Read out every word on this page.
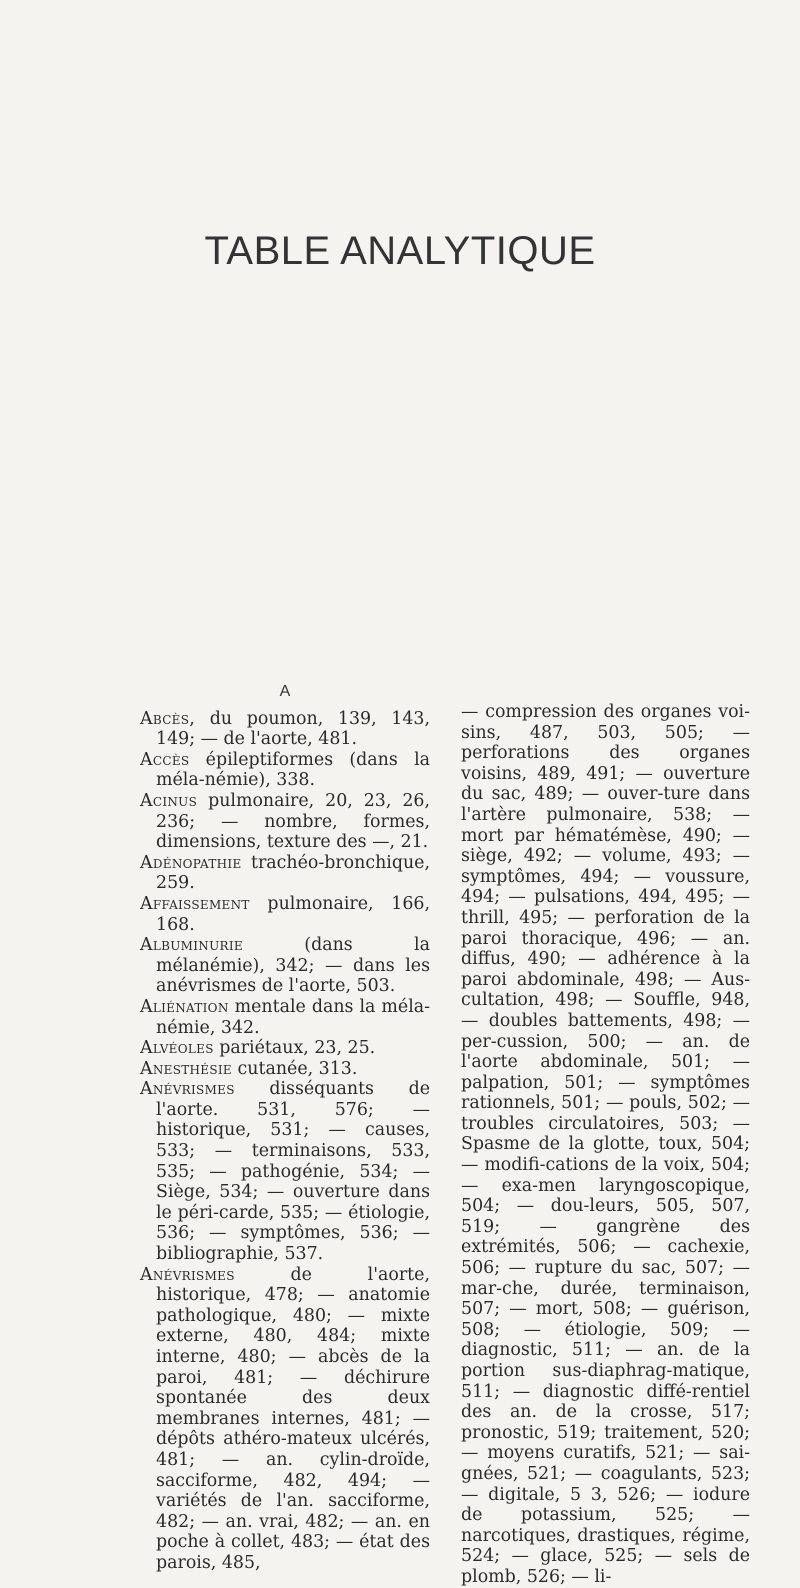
TABLE ANALYTIQUE
A

Abcès, du poumon, 139, 143, 149; — de l'aorte, 481.

Accès épileptiformes (dans la méla-némie), 338.

Acinus pulmonaire, 20, 23, 26, 236; — nombre, formes, dimensions, texture des —, 21.

Adénopathie trachéo-bronchique, 259.

Affaissement pulmonaire, 166, 168.

Albuminurie (dans la mélanémie), 342; — dans les anévrismes de l'aorte, 503.

Aliénation mentale dans la méla-némie, 342.

Alvéoles pariétaux, 23, 25.

Anesthésie cutanée, 313.

Anévrismes disséquants de l'aorte. 531, 576; — historique, 531; — causes, 533; — terminaisons, 533, 535; — pathogénie, 534; — Siège, 534; — ouverture dans le péri-carde, 535; — étiologie, 536; — symptômes, 536; — bibliographie, 537.

Anévrismes de l'aorte, historique, 478; — anatomie pathologique, 480; — mixte externe, 480, 484; mixte interne, 480; — abcès de la paroi, 481; — déchirure spontanée des deux membranes internes, 481; — dépôts athéro-mateux ulcérés, 481; — an. cylin-droïde, sacciforme, 482, 494; — variétés de l'an. sacciforme, 482; — an. vrai, 482; — an. en poche à collet, 483; — état des parois, 485,

— compression des organes voi-sins, 487, 503, 505; — perforations des organes voisins, 489, 491; — ouverture du sac, 489; — ouver-ture dans l'artère pulmonaire, 538; — mort par hématémèse, 490; — siège, 492; — volume, 493; — symptômes, 494; — voussure, 494; — pulsations, 494, 495; — thrill, 495; — perforation de la paroi thoracique, 496; — an. diffus, 490; — adhérence à la paroi abdominale, 498; — Aus-cultation, 498; — Souffle, 948, — doubles battements, 498; — per-cussion, 500; — an. de l'aorte abdominale, 501; — palpation, 501; — symptômes rationnels, 501; — pouls, 502; — troubles circulatoires, 503; — Spasme de la glotte, toux, 504; — modifi-cations de la voix, 504; — exa-men laryngoscopique, 504; — dou-leurs, 505, 507, 519; — gangrène des extrémités, 506; — cachexie, 506; — rupture du sac, 507; — mar-che, durée, terminaison, 507; — mort, 508; — guérison, 508; — étiologie, 509; — diagnostic, 511; — an. de la portion sus-diaphrag-matique, 511; — diagnostic diffé-rentiel des an. de la crosse, 517; pronostic, 519; traitement, 520; — moyens curatifs, 521; — sai-gnées, 521; — coagulants, 523; — digitale, 5 3, 526; — iodure de potassium, 525; — narcotiques, drastiques, régime, 524; — glace, 525; — sels de plomb, 526; — li-
